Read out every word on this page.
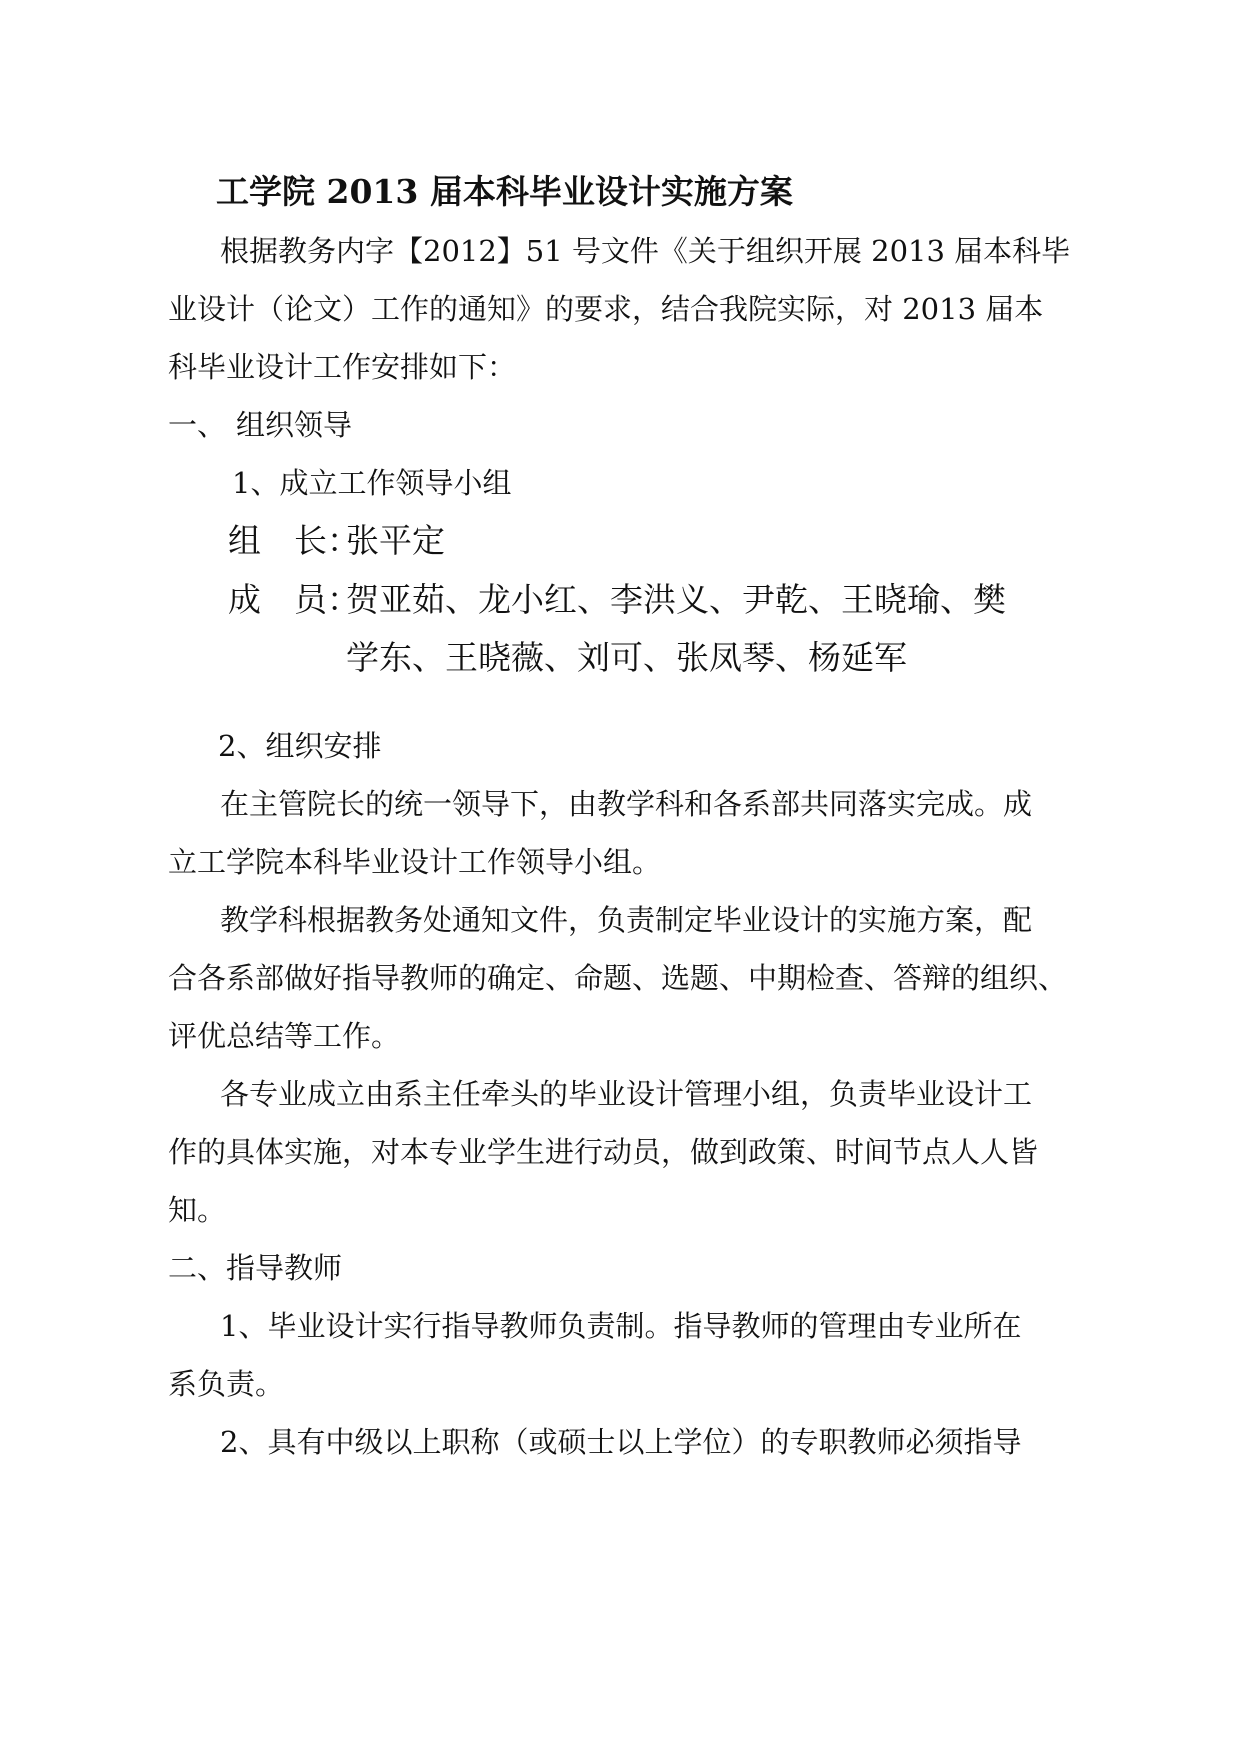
工学院 2013 届本科毕业设计实施方案
根据教务内字【2012】51 号文件《关于组织开展 2013 届本科毕
业设计（论文）工作的通知》的要求，结合我院实际，对 2013 届本
科毕业设计工作安排如下：
一、 组织领导
1、成立工作领导小组
组　长：张平定
成　员：贺亚茹、龙小红、李洪义、尹乾、王晓瑜、樊
学东、王晓薇、刘可、张凤琴、杨延军
2、组织安排
在主管院长的统一领导下，由教学科和各系部共同落实完成。成
立工学院本科毕业设计工作领导小组。
教学科根据教务处通知文件，负责制定毕业设计的实施方案，配
合各系部做好指导教师的确定、命题、选题、中期检查、答辩的组织、
评优总结等工作。
各专业成立由系主任牵头的毕业设计管理小组，负责毕业设计工
作的具体实施，对本专业学生进行动员，做到政策、时间节点人人皆
知。
二、指导教师
1、毕业设计实行指导教师负责制。指导教师的管理由专业所在
系负责。
2、具有中级以上职称（或硕士以上学位）的专职教师必须指导
